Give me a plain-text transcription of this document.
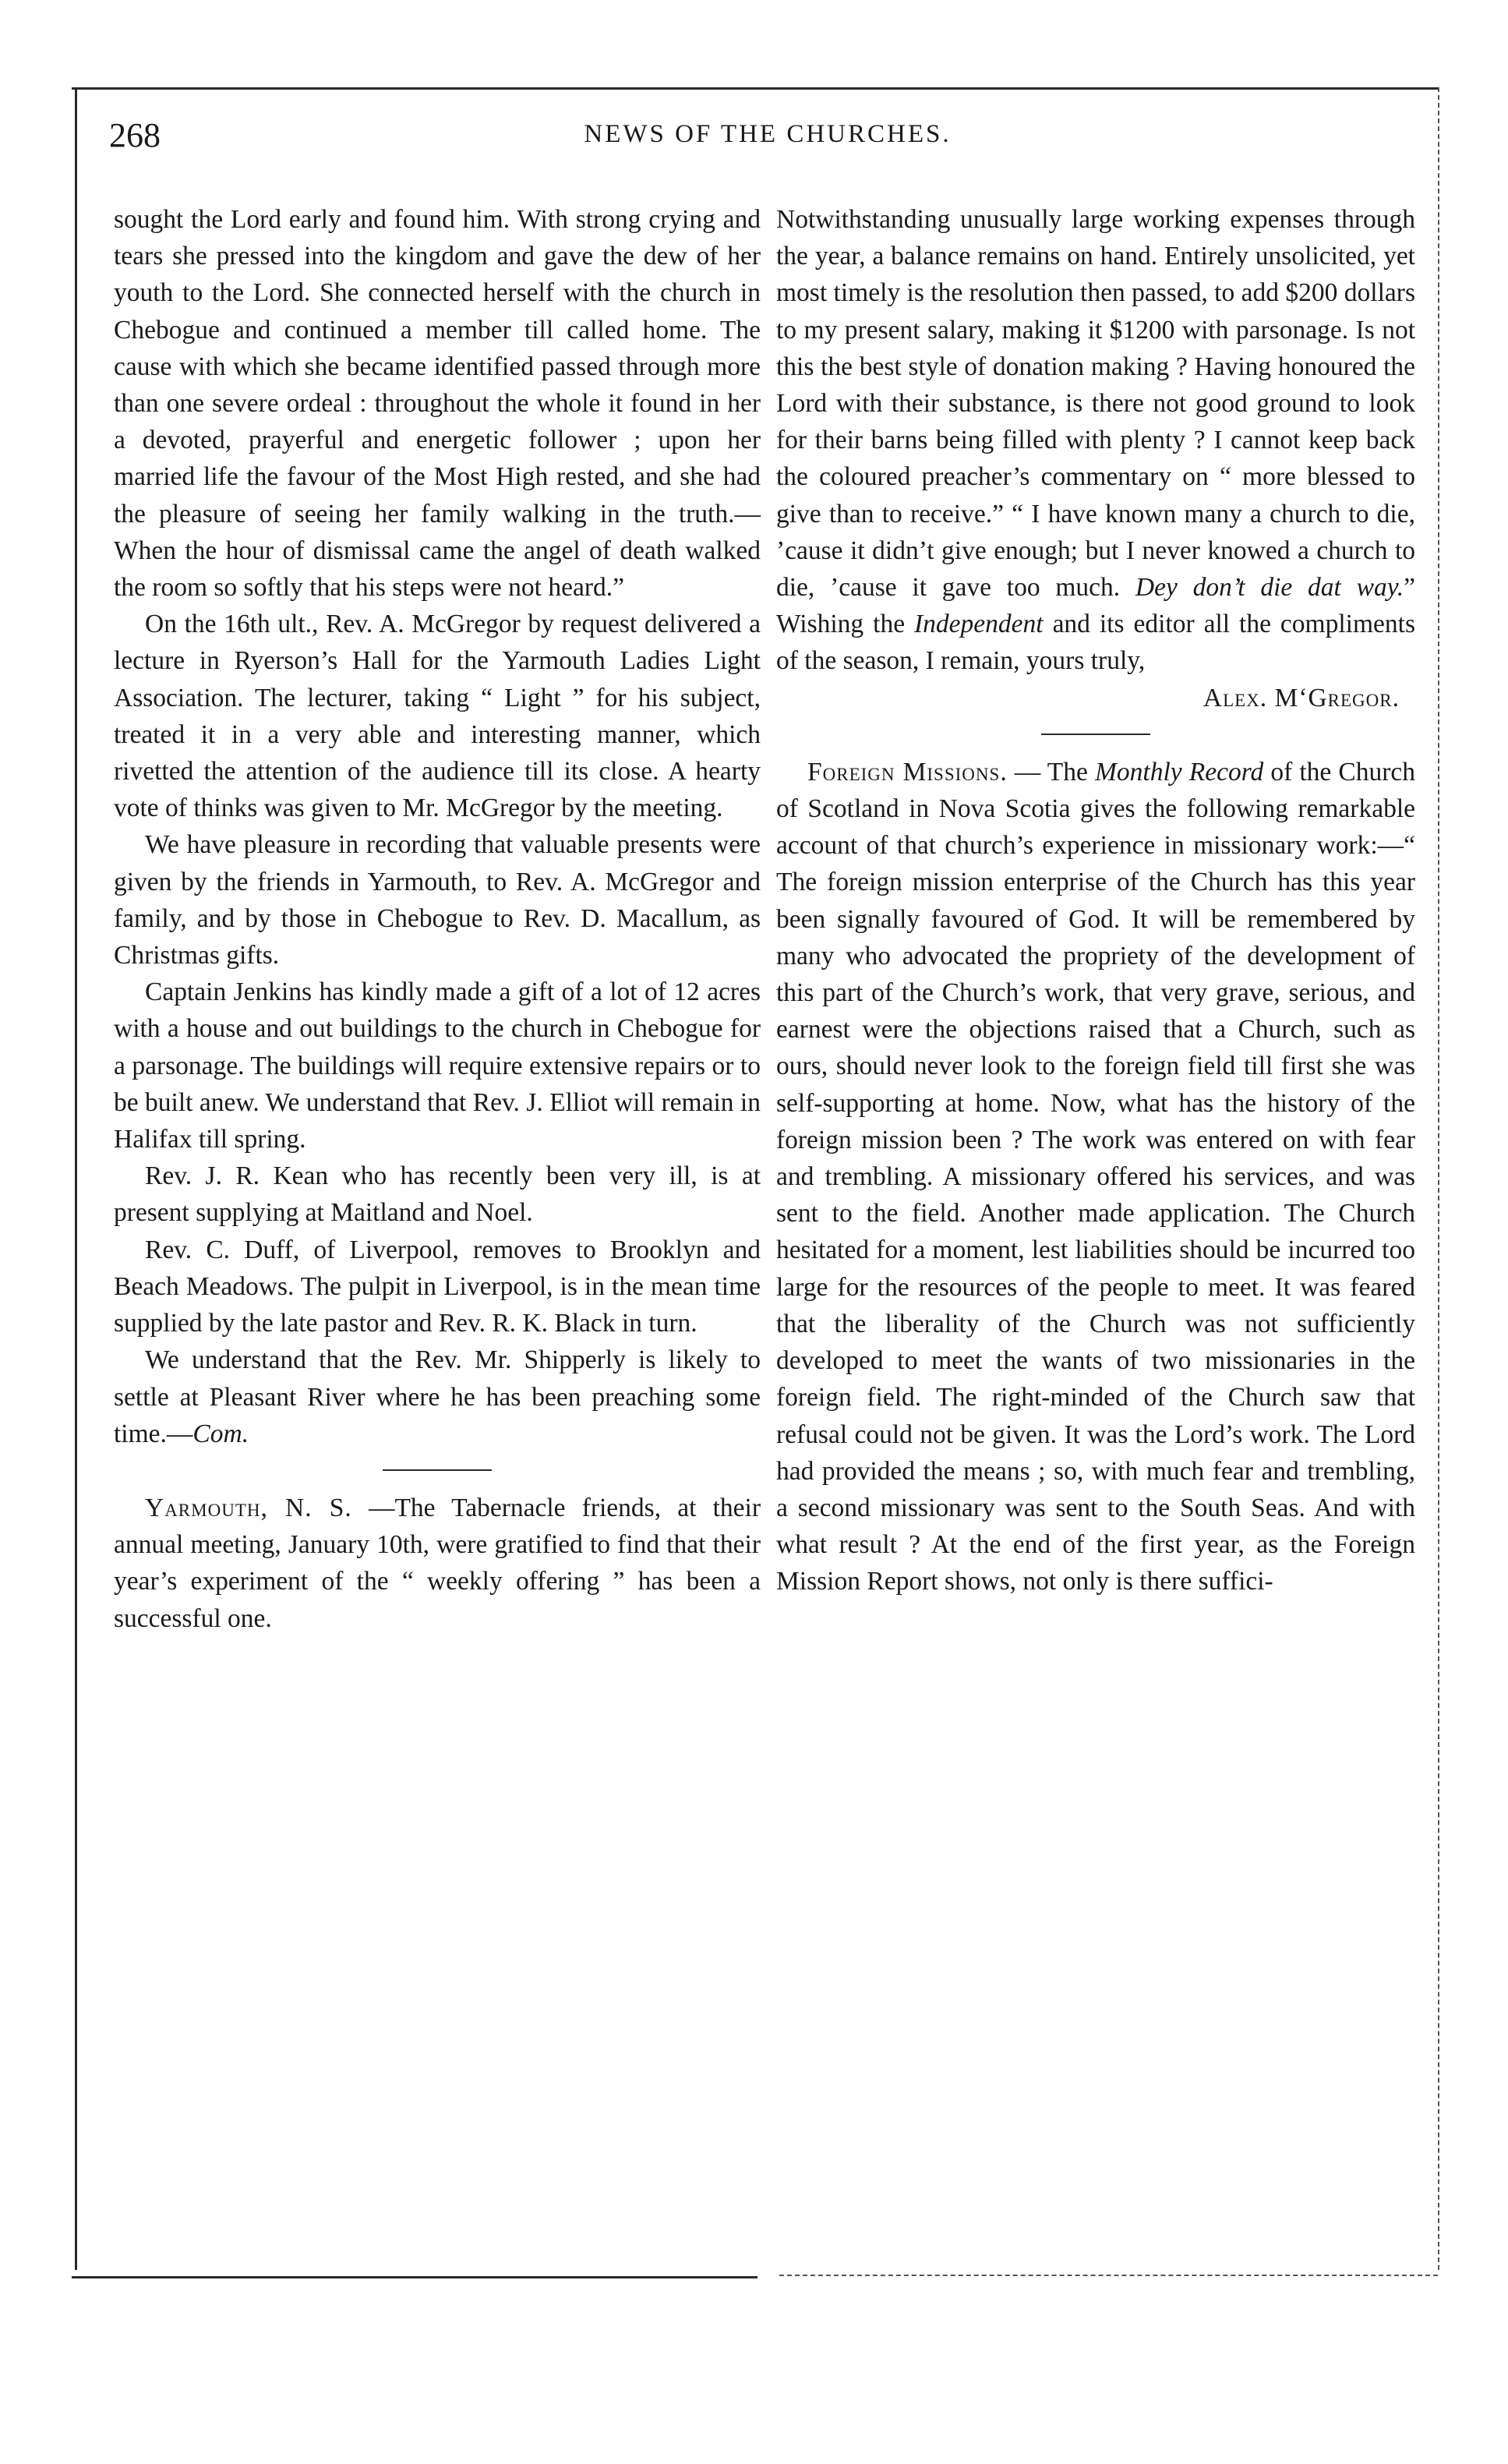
268	NEWS OF THE CHURCHES.

sought the Lord early and found him. With strong crying and tears she pressed into the kingdom and gave the dew of her youth to the Lord. She connected herself with the church in Chebogue and continued a member till called home. The cause with which she became identified passed through more than one severe ordeal : throughout the whole it found in her a devoted, prayerful and energetic follower ; upon her married life the favour of the Most High rested, and she had the pleasure of seeing her family walking in the truth.—When the hour of dismissal came the angel of death walked the room so softly that his steps were not heard.”

On the 16th ult., Rev. A. McGregor by request delivered a lecture in Ryerson’s Hall for the Yarmouth Ladies Light Association. The lecturer, taking “ Light ” for his subject, treated it in a very able and interesting manner, which rivetted the attention of the audience till its close. A hearty vote of thinks was given to Mr. McGregor by the meeting.

We have pleasure in recording that valuable presents were given by the friends in Yarmouth, to Rev. A. McGregor and family, and by those in Chebogue to Rev. D. Macallum, as Christmas gifts.

Captain Jenkins has kindly made a gift of a lot of 12 acres with a house and out buildings to the church in Chebogue for a parsonage. The buildings will require extensive repairs or to be built anew. We understand that Rev. J. Elliot will remain in Halifax till spring.

Rev. J. R. Kean who has recently been very ill, is at present supplying at Maitland and Noel.

Rev. C. Duff, of Liverpool, removes to Brooklyn and Beach Meadows. The pulpit in Liverpool, is in the mean time supplied by the late pastor and Rev. R. K. Black in turn.

We understand that the Rev. Mr. Shipperly is likely to settle at Pleasant River where he has been preaching some time.—Com.

Yarmouth, N. S. —The Tabernacle friends, at their annual meeting, January 10th, were gratified to find that their year’s experiment of the “ weekly offering ” has been a successful one.

Notwithstanding unusually large working expenses through the year, a balance remains on hand. Entirely unsolicited, yet most timely is the resolution then passed, to add $200 dollars to my present salary, making it $1200 with parsonage. Is not this the best style of donation making ? Having honoured the Lord with their substance, is there not good ground to look for their barns being filled with plenty ? I cannot keep back the coloured preacher’s commentary on “ more blessed to give than to receive.” “ I have known many a church to die, ’cause it didn’t give enough; but I never knowed a church to die, ’cause it gave too much. Dey don’t die dat way.” Wishing the Independent and its editor all the compliments of the season, I remain, yours truly,

Alex. M‘Gregor.

Foreign Missions. — The Monthly Record of the Church of Scotland in Nova Scotia gives the following remarkable account of that church’s experience in missionary work:—“ The foreign mission enterprise of the Church has this year been signally favoured of God. It will be remembered by many who advocated the propriety of the development of this part of the Church’s work, that very grave, serious, and earnest were the objections raised that a Church, such as ours, should never look to the foreign field till first she was self-supporting at home. Now, what has the history of the foreign mission been ? The work was entered on with fear and trembling. A missionary offered his services, and was sent to the field. Another made application. The Church hesitated for a moment, lest liabilities should be incurred too large for the resources of the people to meet. It was feared that the liberality of the Church was not sufficiently developed to meet the wants of two missionaries in the foreign field. The right-minded of the Church saw that refusal could not be given. It was the Lord’s work. The Lord had provided the means ; so, with much fear and trembling, a second missionary was sent to the South Seas. And with what result ? At the end of the first year, as the Foreign Mission Report shows, not only is there suffici-
